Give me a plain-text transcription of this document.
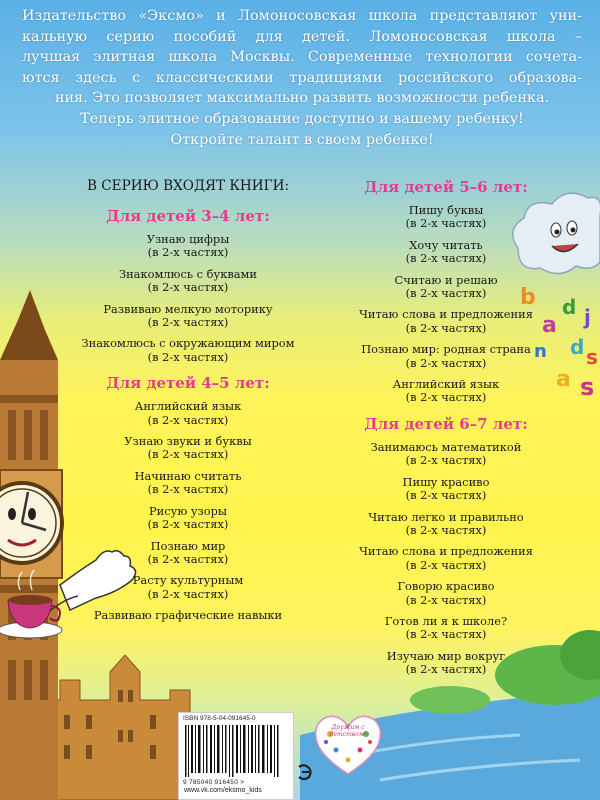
b
a
d
n
a s
j
d s
Издательство «Эксмо» и Ломоносовская школа представляют уни-
кальную серию пособий для детей. Ломоносовская школа –
лучшая элитная школа Москвы. Современные технологии сочета-
ются здесь с классическими традициями российского образова-
ния. Это позволяет максимально развить возможности ребенка.
Теперь элитное образование доступно и вашему ребенку!
Откройте талант в своем ребенке!
В СЕРИЮ ВХОДЯТ КНИГИ:
Для детей 3–4 лет:
Узнаю цифры
(в 2-х частях)
Знакомлюсь с буквами
(в 2-х частях)
Развиваю мелкую моторику
(в 2-х частях)
Знакомлюсь с окружающим миром
(в 2-х частях)
Для детей 4–5 лет:
Английский язык
(в 2-х частях)
Узнаю звуки и буквы
(в 2-х частях)
Начинаю считать
(в 2-х частях)
Рисую узоры
(в 2-х частях)
Познаю мир
(в 2-х частях)
Расту культурным
(в 2-х частях)
Развиваю графические навыки
Для детей 5–6 лет:
Пишу буквы
(в 2-х частях)
Хочу читать
(в 2-х частях)
Считаю и решаю
(в 2-х частях)
Читаю слова и предложения
(в 2-х частях)
Познаю мир: родная страна
(в 2-х частях)
Английский язык
(в 2-х частях)
Для детей 6–7 лет:
Занимаюсь математикой
(в 2-х частях)
Пишу красиво
(в 2-х частях)
Читаю легко и правильно
(в 2-х частях)
Читаю слова и предложения
(в 2-х частях)
Говорю красиво
(в 2-х частях)
Готов ли я к школе?
(в 2-х частях)
Изучаю мир вокруг
(в 2-х частях)
ISBN 978-5-04-091645-0
9 785040 916450 >
www.vk.com/eksmo_kids
Дружим с детством!
